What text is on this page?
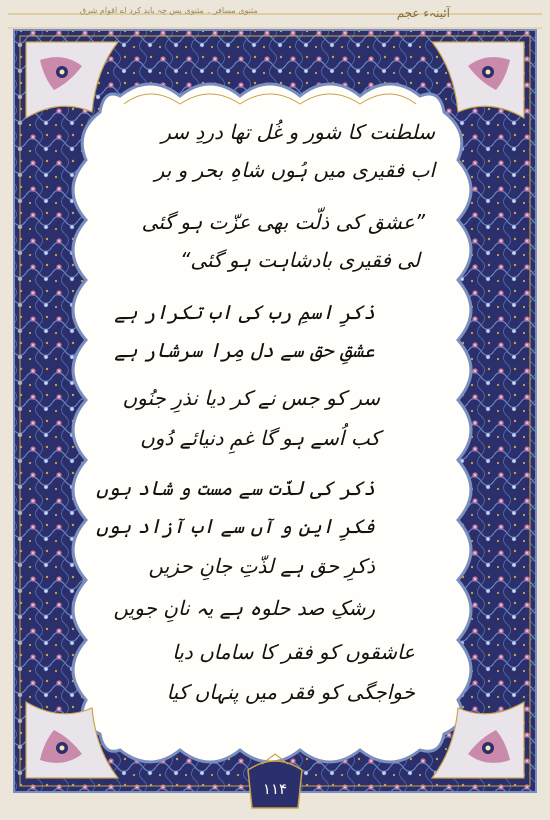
آئینہء عجم
مثنوی مسافر ۔ مثنوی پس چہ باید کرد اے اقوام شرق
سلطنت کا شور و غُل تھا دردِ سر
اب فقیری میں ہُوں شاہِ بحر و بر
”عشق کی ذلّت بھی عزّت ہو گئی
لی فقیری بادشاہت ہو گئی“
ذکرِ اسمِ رب کی اب تکرار ہے
عشقِ حق سے دل مِرا سرشار ہے
سر کو جس نے کر دیا نذرِ جنُوں
کب اُسے ہو گا غمِ دنیائے دُوں
ذکر کی لذّت سے مست و شاد ہوں
فکرِ این و آں سے اب آزاد ہوں
ذکرِ حق ہے لذّتِ جانِ حزیں
رشکِ صد حلوہ ہے یہ نانِ جویں
عاشقوں کو فقر کا ساماں دیا
خواجگی کو فقر میں پنہاں کیا
۱۱۴
